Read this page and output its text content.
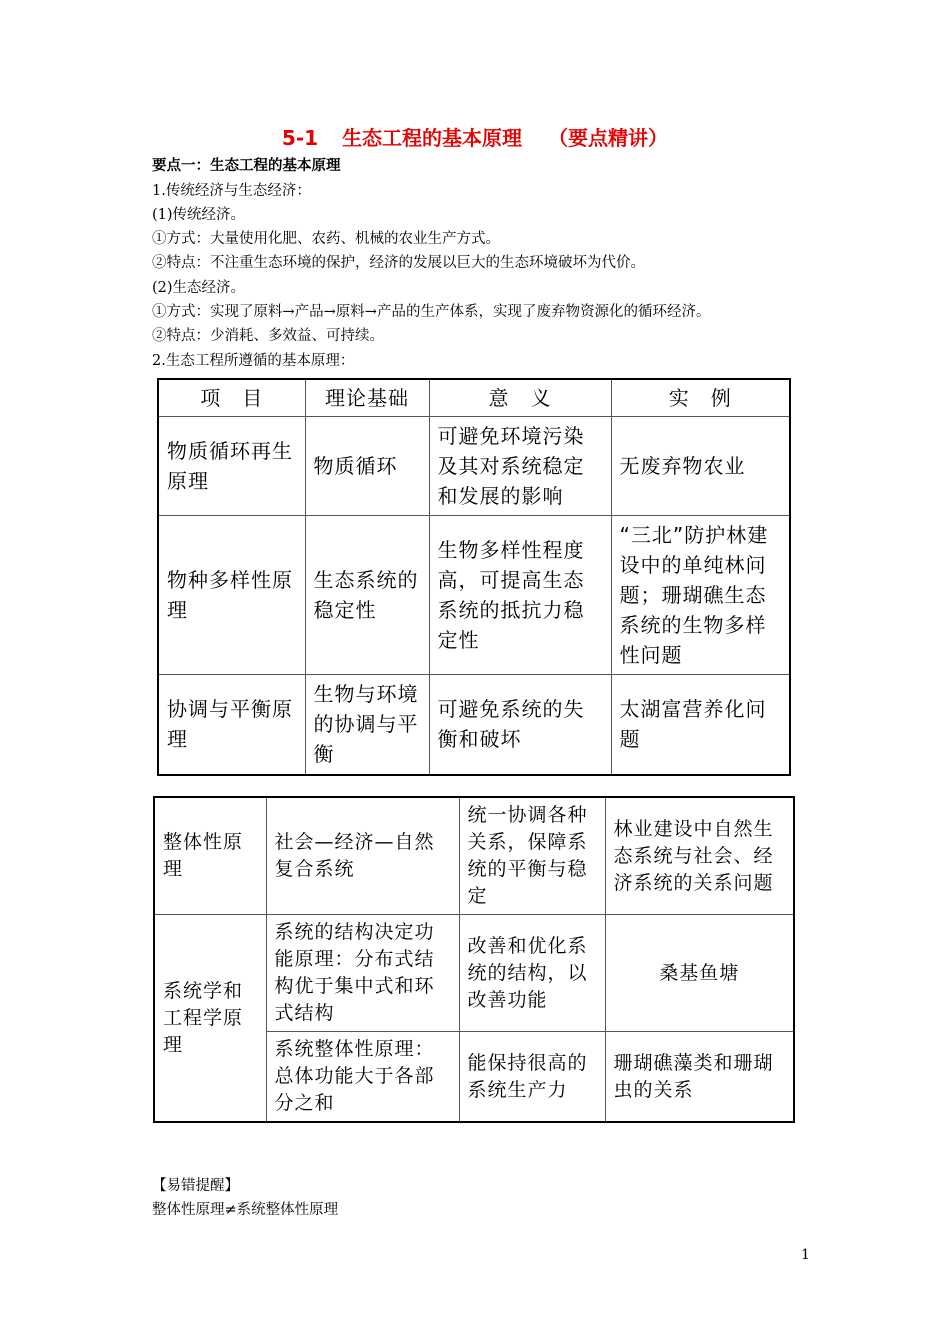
5-1 生态工程的基本原理 （要点精讲）
要点一：生态工程的基本原理
1.传统经济与生态经济：
(1)传统经济。
①方式：大量使用化肥、农药、机械的农业生产方式。
②特点：不注重生态环境的保护，经济的发展以巨大的生态环境破坏为代价。
(2)生态经济。
①方式：实现了原料→产品→原料→产品的生产体系，实现了废弃物资源化的循环经济。
②特点：少消耗、多效益、可持续。
2.生态工程所遵循的基本原理：
项　目	理论基础	意　义	实　例
物质循环再生原理	物质循环	可避免环境污染及其对系统稳定和发展的影响	无废弃物农业
物种多样性原理	生态系统的稳定性	生物多样性程度高，可提高生态系统的抵抗力稳定性	“三北”防护林建设中的单纯林问题；珊瑚礁生态系统的生物多样性问题
协调与平衡原理	生物与环境的协调与平衡	可避免系统的失衡和破坏	太湖富营养化问题
整体性原理	社会—经济—自然复合系统	统一协调各种关系，保障系统的平衡与稳定	林业建设中自然生态系统与社会、经济系统的关系问题
系统学和工程学原理	系统的结构决定功能原理：分布式结构优于集中式和环式结构	改善和优化系统的结构，以改善功能	桑基鱼塘
	系统整体性原理：总体功能大于各部分之和	能保持很高的系统生产力	珊瑚礁藻类和珊瑚虫的关系
【易错提醒】
整体性原理≠系统整体性原理
1
